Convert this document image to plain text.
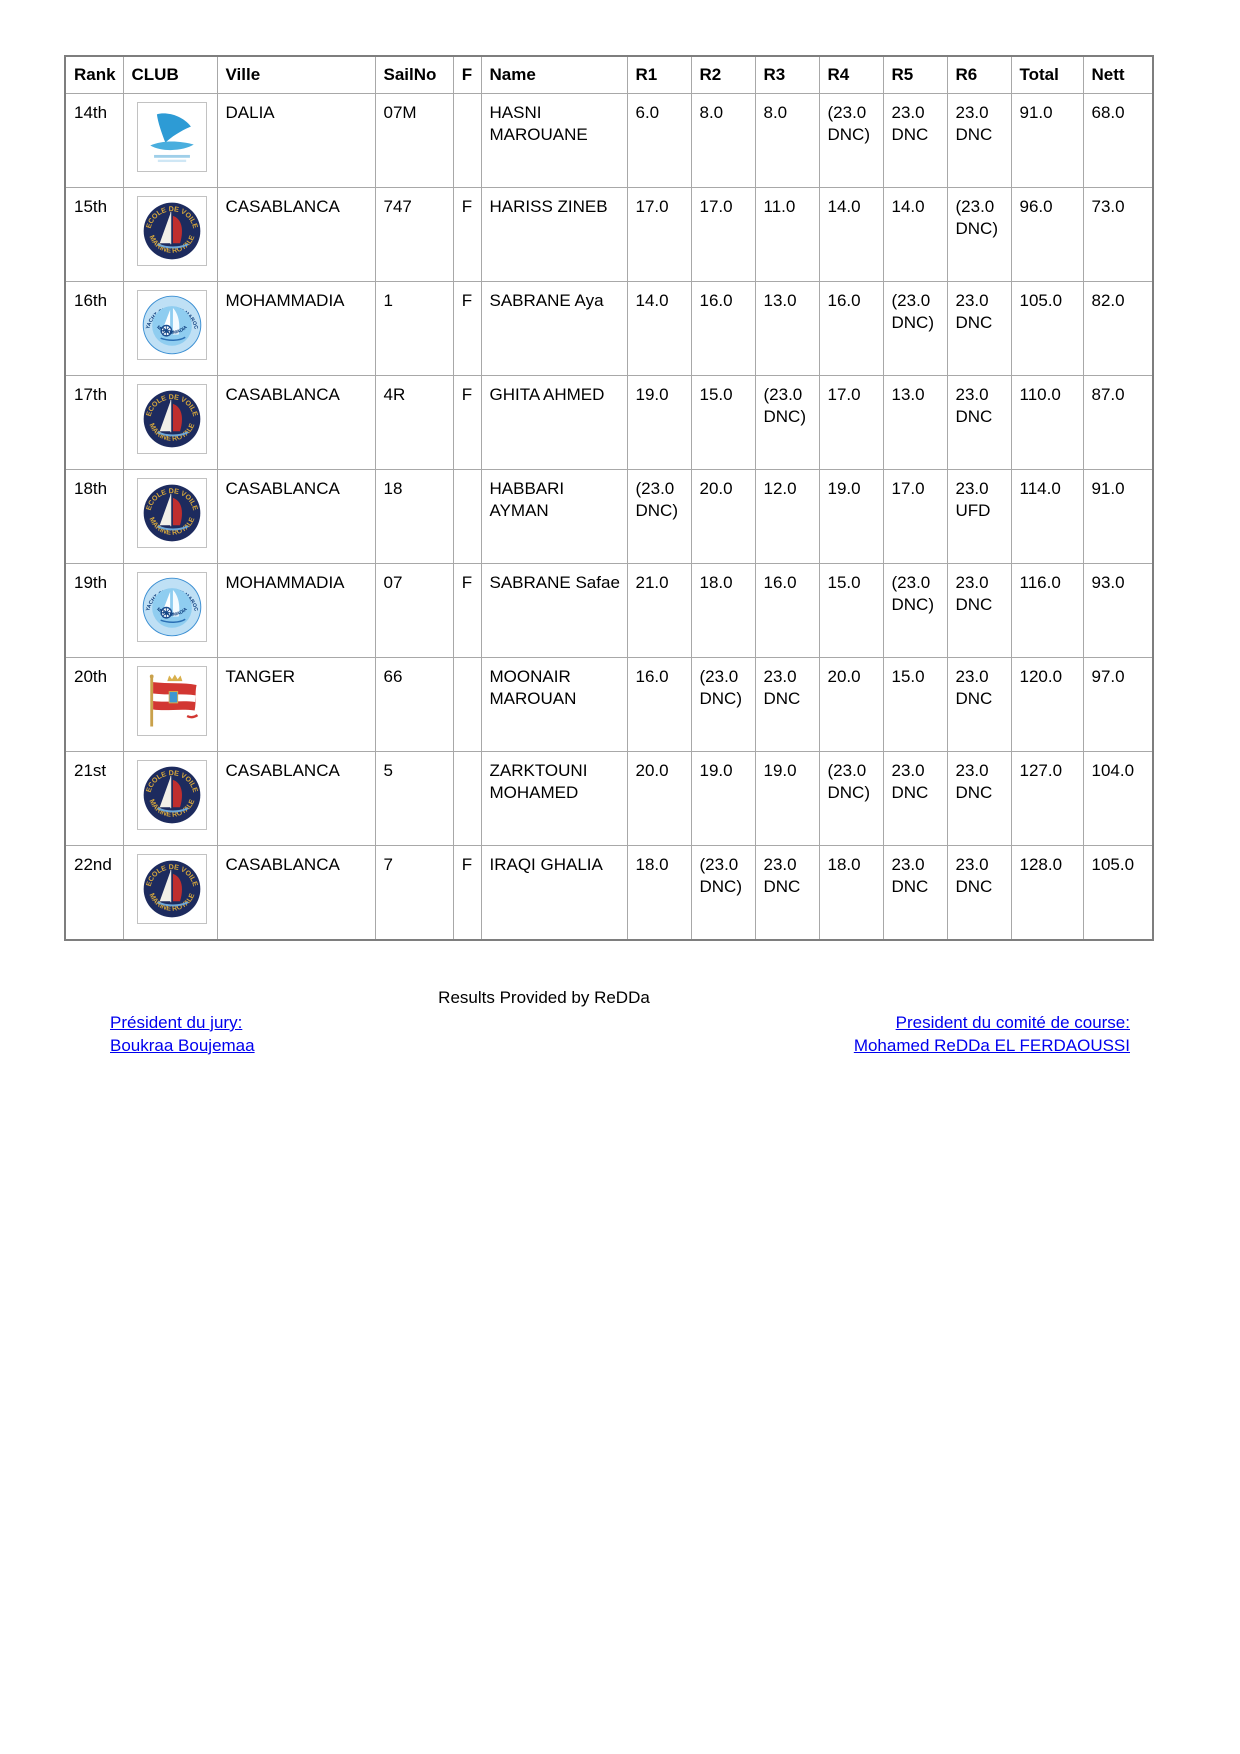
Rank	CLUB	Ville	SailNo	F	Name	R1	R2	R3	R4	R5	R6	Total	Nett
14th		DALIA	07M		HASNI MAROUANE	6.0	8.0	8.0	(23.0 DNC)	23.0 DNC	23.0 DNC	91.0	68.0
15th		CASABLANCA	747	F	HARISS ZINEB	17.0	17.0	11.0	14.0	14.0	(23.0 DNC)	96.0	73.0
16th		MOHAMMADIA	1	F	SABRANE Aya	14.0	16.0	13.0	16.0	(23.0 DNC)	23.0 DNC	105.0	82.0
17th		CASABLANCA	4R	F	GHITA AHMED	19.0	15.0	(23.0 DNC)	17.0	13.0	23.0 DNC	110.0	87.0
18th		CASABLANCA	18		HABBARI AYMAN	(23.0 DNC)	20.0	12.0	19.0	17.0	23.0 UFD	114.0	91.0
19th		MOHAMMADIA	07	F	SABRANE Safae	21.0	18.0	16.0	15.0	(23.0 DNC)	23.0 DNC	116.0	93.0
20th		TANGER	66		MOONAIR MAROUAN	16.0	(23.0 DNC)	23.0 DNC	20.0	15.0	23.0 DNC	120.0	97.0
21st		CASABLANCA	5		ZARKTOUNI MOHAMED	20.0	19.0	19.0	(23.0 DNC)	23.0 DNC	23.0 DNC	127.0	104.0
22nd		CASABLANCA	7	F	IRAQI GHALIA	18.0	(23.0 DNC)	23.0 DNC	18.0	23.0 DNC	23.0 DNC	128.0	105.0
Results Provided by ReDDa
Président du jury:
Boukraa Boujemaa
President du comité de course:
Mohamed ReDDa EL FERDAOUSSI
